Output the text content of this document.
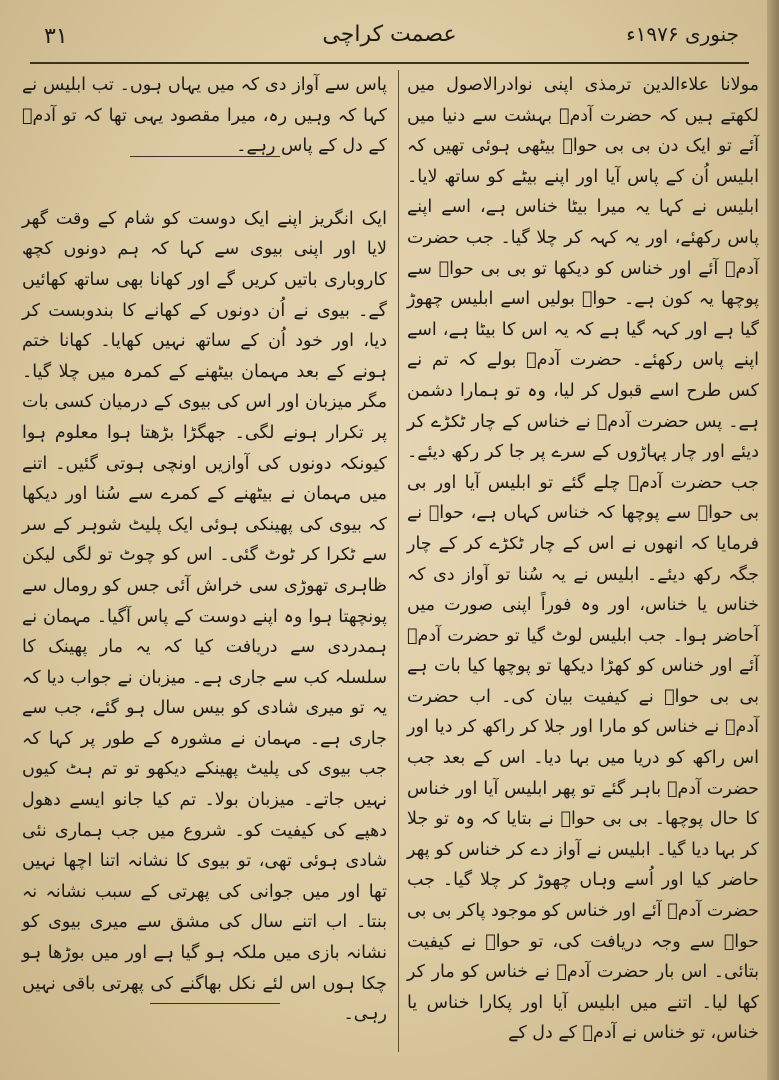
۳۱	عصمت کراچی	جنوری ۱۹۷۶ء

مولانا علاءالدین ترمذی اپنی نوادرالاصول میں لکھتے ہیں کہ حضرت آدمؑ بہشت سے دنیا میں آئے تو ایک دن بی بی حواؑ بیٹھی ہوئی تھیں کہ ابلیس اُن کے پاس آیا اور اپنے بیٹے کو ساتھ لایا۔ ابلیس نے کہا یہ میرا بیٹا خناس ہے، اسے اپنے پاس رکھئے، اور یہ کہہ کر چلا گیا۔ جب حضرت آدمؑ آئے اور خناس کو دیکھا تو بی بی حواؑ سے پوچھا یہ کون ہے۔ حواؑ بولیں اسے ابلیس چھوڑ گیا ہے اور کہہ گیا ہے کہ یہ اس کا بیٹا ہے، اسے اپنے پاس رکھئے۔ حضرت آدمؑ بولے کہ تم نے کس طرح اسے قبول کر لیا، وہ تو ہمارا دشمن ہے۔ پس حضرت آدمؑ نے خناس کے چار ٹکڑے کر دیئے اور چار پہاڑوں کے سرے پر جا کر رکھ دیئے۔ جب حضرت آدمؑ چلے گئے تو ابلیس آیا اور بی بی حواؑ سے پوچھا کہ خناس کہاں ہے، حواؑ نے فرمایا کہ انھوں نے اس کے چار ٹکڑے کر کے چار جگہ رکھ دیئے۔ ابلیس نے یہ سُنا تو آواز دی کہ خناس یا خناس، اور وہ فوراً اپنی صورت میں آحاضر ہوا۔ جب ابلیس لوٹ گیا تو حضرت آدمؑ آئے اور خناس کو کھڑا دیکھا تو پوچھا کیا بات ہے بی بی حواؑ نے کیفیت بیان کی۔ اب حضرت آدمؑ نے خناس کو مارا اور جلا کر راکھ کر دیا اور اس راکھ کو دریا میں بہا دیا۔ اس کے بعد جب حضرت آدمؑ باہر گئے تو پھر ابلیس آیا اور خناس کا حال پوچھا۔ بی بی حواؑ نے بتایا کہ وہ تو جلا کر بہا دیا گیا۔ ابلیس نے آواز دے کر خناس کو پھر حاضر کیا اور اُسے وہاں چھوڑ کر چلا گیا۔ جب حضرت آدمؑ آئے اور خناس کو موجود پاکر بی بی حواؑ سے وجہ دریافت کی، تو حواؑ نے کیفیت بتائی۔ اس بار حضرت آدمؑ نے خناس کو مار کر کھا لیا۔ اتنے میں ابلیس آیا اور پکارا خناس یا خناس، تو خناس نے آدمؑ کے دل کے

پاس سے آواز دی کہ میں یہاں ہوں۔ تب ابلیس نے کہا کہ وہیں رہ، میرا مقصود یہی تھا کہ تو آدمؑ کے دل کے پاس رہے۔

ایک انگریز اپنے ایک دوست کو شام کے وقت گھر لایا اور اپنی بیوی سے کہا کہ ہم دونوں کچھ کاروباری باتیں کریں گے اور کھانا بھی ساتھ کھائیں گے۔ بیوی نے اُن دونوں کے کھانے کا بندوبست کر دیا، اور خود اُن کے ساتھ نہیں کھایا۔ کھانا ختم ہونے کے بعد مہمان بیٹھنے کے کمرہ میں چلا گیا۔ مگر میزبان اور اس کی بیوی کے درمیان کسی بات پر تکرار ہونے لگی۔ جھگڑا بڑھتا ہوا معلوم ہوا کیونکہ دونوں کی آوازیں اونچی ہوتی گئیں۔ اتنے میں مہمان نے بیٹھنے کے کمرے سے سُنا اور دیکھا کہ بیوی کی پھینکی ہوئی ایک پلیٹ شوہر کے سر سے ٹکرا کر ٹوٹ گئی۔ اس کو چوٹ تو لگی لیکن ظاہری تھوڑی سی خراش آئی جس کو رومال سے پونچھتا ہوا وہ اپنے دوست کے پاس آگیا۔ مہمان نے ہمدردی سے دریافت کیا کہ یہ مار پھینک کا سلسلہ کب سے جاری ہے۔ میزبان نے جواب دیا کہ یہ تو میری شادی کو بیس سال ہو گئے، جب سے جاری ہے۔ مہمان نے مشورہ کے طور پر کہا کہ جب بیوی کی پلیٹ پھینکے دیکھو تو تم ہٹ کیوں نہیں جاتے۔ میزبان بولا۔ تم کیا جانو ایسے دھول دھپے کی کیفیت کو۔ شروع میں جب ہماری نئی شادی ہوئی تھی، تو بیوی کا نشانہ اتنا اچھا نہیں تھا اور میں جوانی کی پھرتی کے سبب نشانہ نہ بنتا۔ اب اتنے سال کی مشق سے میری بیوی کو نشانہ بازی میں ملکہ ہو گیا ہے اور میں بوڑھا ہو چکا ہوں اس لئے نکل بھاگنے کی پھرتی باقی نہیں رہی۔
